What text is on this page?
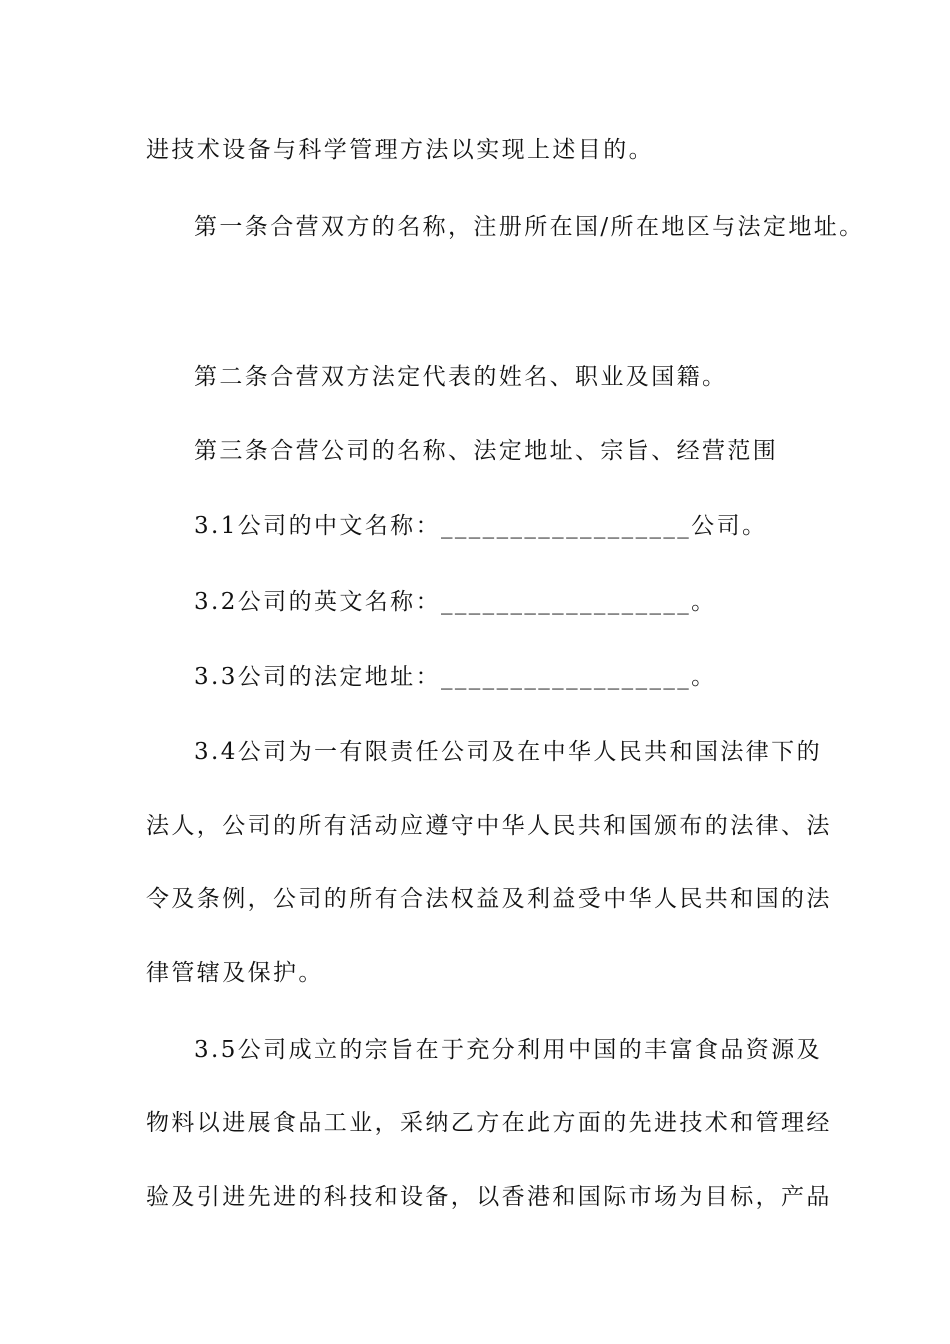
进技术设备与科学管理方法以实现上述目的。
第一条合营双方的名称，注册所在国/所在地区与法定地址。
第二条合营双方法定代表的姓名、职业及国籍。
第三条合营公司的名称、法定地址、宗旨、经营范围
3.1公司的中文名称：__________________公司。
3.2公司的英文名称：__________________。
3.3公司的法定地址：__________________。
3.4公司为一有限责任公司及在中华人民共和国法律下的
法人，公司的所有活动应遵守中华人民共和国颁布的法律、法
令及条例，公司的所有合法权益及利益受中华人民共和国的法
律管辖及保护。
3.5公司成立的宗旨在于充分利用中国的丰富食品资源及
物料以进展食品工业，采纳乙方在此方面的先进技术和管理经
验及引进先进的科技和设备，以香港和国际市场为目标，产品
